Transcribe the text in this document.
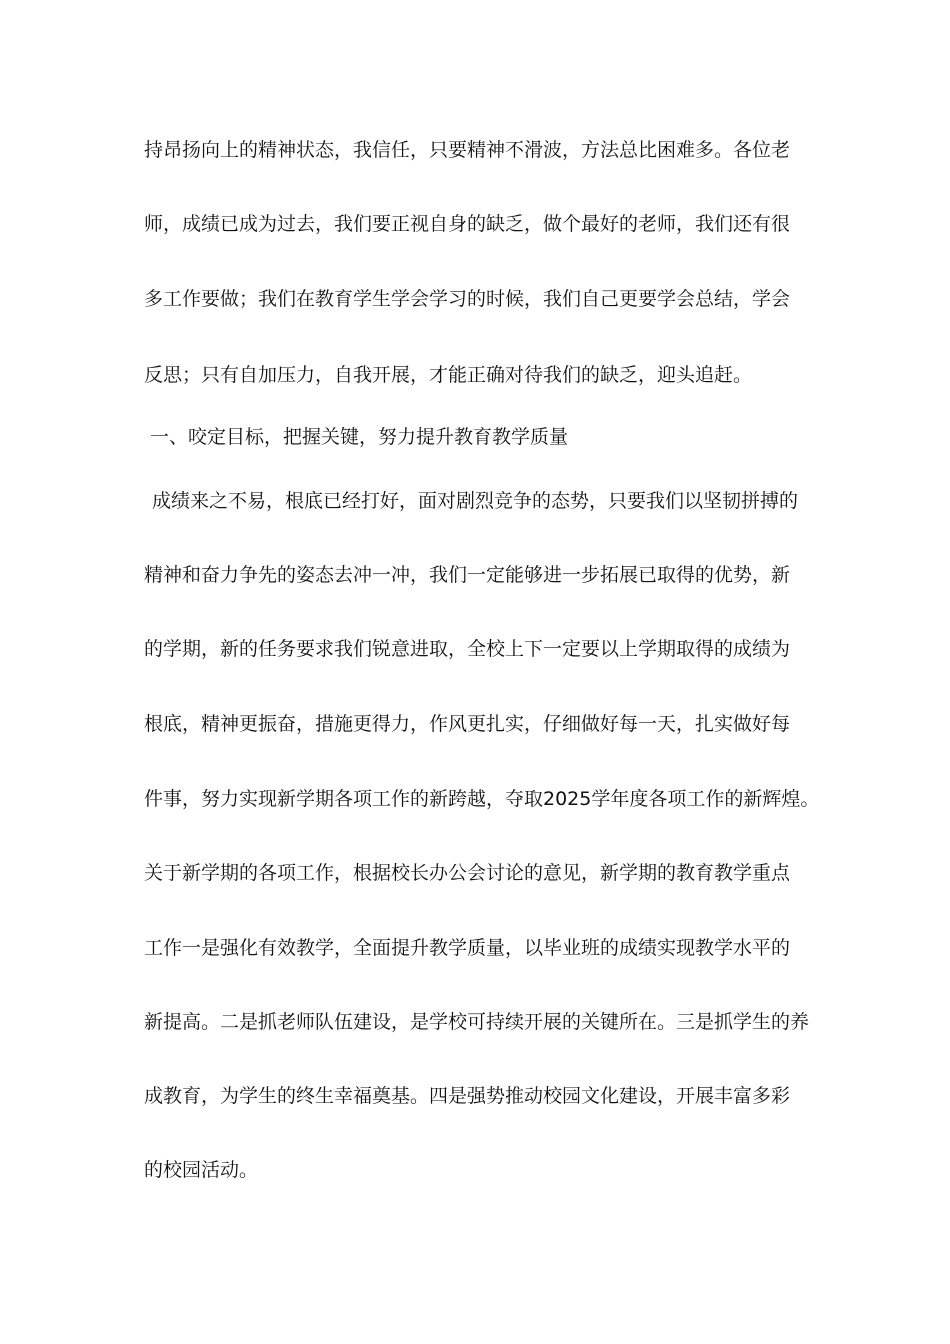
持昂扬向上的精神状态，我信任，只要精神不滑波，方法总比困难多。各位老
师，成绩已成为过去，我们要正视自身的缺乏，做个最好的老师，我们还有很
多工作要做；我们在教育学生学会学习的时候，我们自己更要学会总结，学会
反思；只有自加压力，自我开展，才能正确对待我们的缺乏，迎头追赶。
一、咬定目标，把握关键，努力提升教育教学质量
成绩来之不易，根底已经打好，面对剧烈竞争的态势，只要我们以坚韧拼搏的
精神和奋力争先的姿态去冲一冲，我们一定能够进一步拓展已取得的优势，新
的学期，新的任务要求我们锐意进取，全校上下一定要以上学期取得的成绩为
根底，精神更振奋，措施更得力，作风更扎实，仔细做好每一天，扎实做好每
件事，努力实现新学期各项工作的新跨越，夺取2025学年度各项工作的新辉煌。
关于新学期的各项工作，根据校长办公会讨论的意见，新学期的教育教学重点
工作一是强化有效教学，全面提升教学质量，以毕业班的成绩实现教学水平的
新提高。二是抓老师队伍建设，是学校可持续开展的关键所在。三是抓学生的养
成教育，为学生的终生幸福奠基。四是强势推动校园文化建设，开展丰富多彩
的校园活动。
